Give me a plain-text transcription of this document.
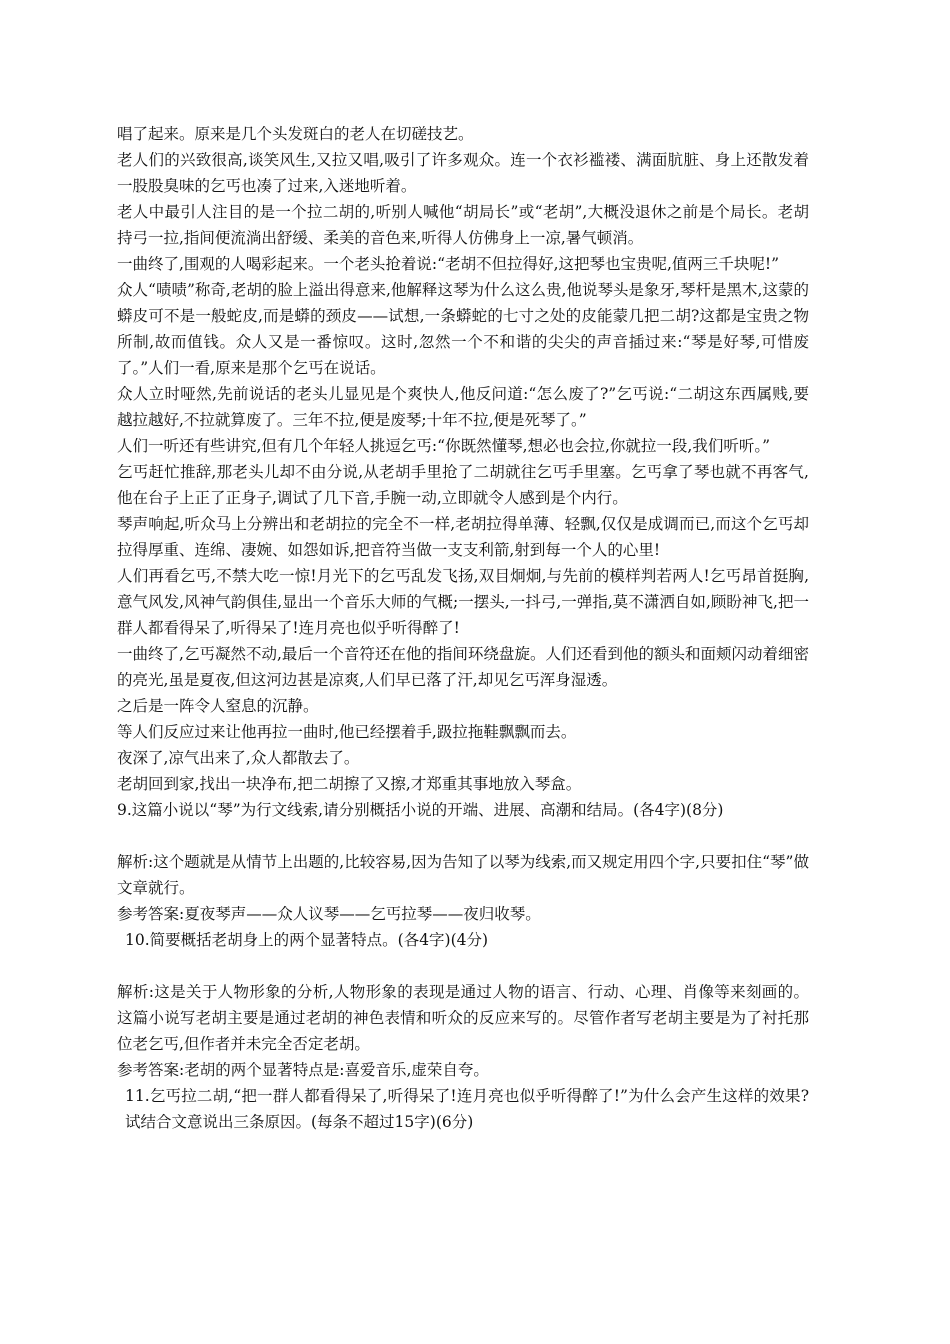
唱了起来。原来是几个头发斑白的老人在切磋技艺。

老人们的兴致很高,谈笑风生,又拉又唱,吸引了许多观众。连一个衣衫褴褛、满面肮脏、身上还散发着一股股臭味的乞丐也凑了过来,入迷地听着。

老人中最引人注目的是一个拉二胡的,听别人喊他“胡局长”或“老胡”,大概没退休之前是个局长。老胡持弓一拉,指间便流淌出舒缓、柔美的音色来,听得人仿佛身上一凉,暑气顿消。

一曲终了,围观的人喝彩起来。一个老头抢着说:“老胡不但拉得好,这把琴也宝贵呢,值两三千块呢!”

众人“啧啧”称奇,老胡的脸上溢出得意来,他解释这琴为什么这么贵,他说琴头是象牙,琴杆是黑木,这蒙的蟒皮可不是一般蛇皮,而是蟒的颈皮——试想,一条蟒蛇的七寸之处的皮能蒙几把二胡?这都是宝贵之物所制,故而值钱。众人又是一番惊叹。这时,忽然一个不和谐的尖尖的声音插过来:“琴是好琴,可惜废了。”人们一看,原来是那个乞丐在说话。

众人立时哑然,先前说话的老头儿显见是个爽快人,他反问道:“怎么废了?”乞丐说:“二胡这东西属贱,要越拉越好,不拉就算废了。三年不拉,便是废琴;十年不拉,便是死琴了。”

人们一听还有些讲究,但有几个年轻人挑逗乞丐:“你既然懂琴,想必也会拉,你就拉一段,我们听听。”

乞丐赶忙推辞,那老头儿却不由分说,从老胡手里抢了二胡就往乞丐手里塞。乞丐拿了琴也就不再客气,他在台子上正了正身子,调试了几下音,手腕一动,立即就令人感到是个内行。

琴声响起,听众马上分辨出和老胡拉的完全不一样,老胡拉得单薄、轻飘,仅仅是成调而已,而这个乞丐却拉得厚重、连绵、凄婉、如怨如诉,把音符当做一支支利箭,射到每一个人的心里!

人们再看乞丐,不禁大吃一惊!月光下的乞丐乱发飞扬,双目炯炯,与先前的模样判若两人!乞丐昂首挺胸,意气风发,风神气韵俱佳,显出一个音乐大师的气概;一摆头,一抖弓,一弹指,莫不潇洒自如,顾盼神飞,把一群人都看得呆了,听得呆了!连月亮也似乎听得醉了!

一曲终了,乞丐凝然不动,最后一个音符还在他的指间环绕盘旋。人们还看到他的额头和面颊闪动着细密的亮光,虽是夏夜,但这河边甚是凉爽,人们早已落了汗,却见乞丐浑身湿透。

之后是一阵令人窒息的沉静。

等人们反应过来让他再拉一曲时,他已经摆着手,趿拉拖鞋飘飘而去。

夜深了,凉气出来了,众人都散去了。

老胡回到家,找出一块净布,把二胡擦了又擦,才郑重其事地放入琴盒。

9.这篇小说以“琴”为行文线索,请分别概括小说的开端、进展、高潮和结局。(各4字)(8分)

解析:这个题就是从情节上出题的,比较容易,因为告知了以琴为线索,而又规定用四个字,只要扣住“琴”做文章就行。

参考答案:夏夜琴声——众人议琴——乞丐拉琴——夜归收琴。

10.简要概括老胡身上的两个显著特点。(各4字)(4分)

解析:这是关于人物形象的分析,人物形象的表现是通过人物的语言、行动、心理、肖像等来刻画的。这篇小说写老胡主要是通过老胡的神色表情和听众的反应来写的。尽管作者写老胡主要是为了衬托那位老乞丐,但作者并未完全否定老胡。

参考答案:老胡的两个显著特点是:喜爱音乐,虚荣自夸。

11.乞丐拉二胡,“把一群人都看得呆了,听得呆了!连月亮也似乎听得醉了!”为什么会产生这样的效果?试结合文意说出三条原因。(每条不超过15字)(6分)
